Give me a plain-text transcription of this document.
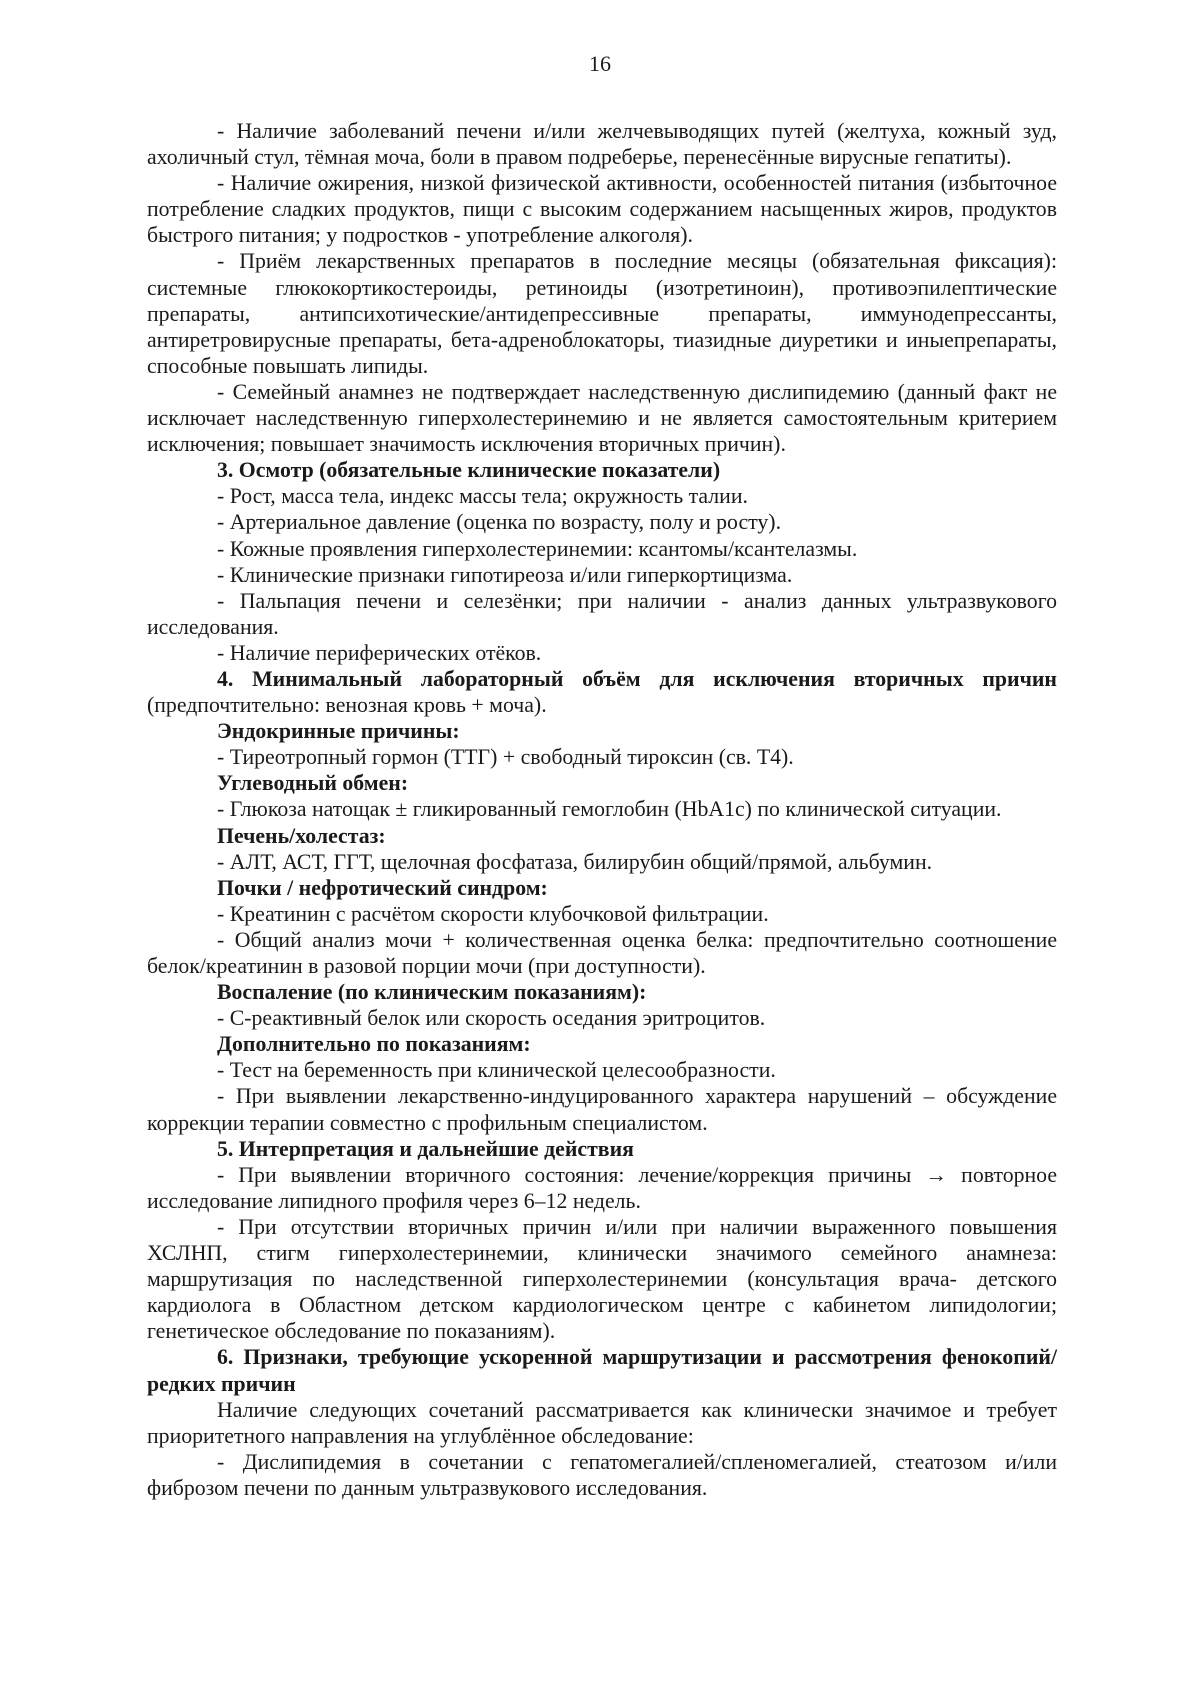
16

- Наличие заболеваний печени и/или желчевыводящих путей (желтуха, кожный зуд, ахоличный стул, тёмная моча, боли в правом подреберье, перенесённые вирусные гепатиты).

- Наличие ожирения, низкой физической активности, особенностей питания (избыточное потребление сладких продуктов, пищи с высоким содержанием насыщенных жиров, продуктов быстрого питания; у подростков - употребление алкоголя).

- Приём лекарственных препаратов в последние месяцы (обязательная фиксация): системные глюкокортикостероиды, ретиноиды (изотретиноин), противоэпилептические препараты, антипсихотические/антидепрессивные препараты, иммунодепрессанты, антиретровирусные препараты, бета-адреноблокаторы, тиазидные диуретики и иныепрепараты, способные повышать липиды.

- Семейный анамнез не подтверждает наследственную дислипидемию (данный факт не исключает наследственную гиперхолестеринемию и не является самостоятельным критерием исключения; повышает значимость исключения вторичных причин).

3. Осмотр (обязательные клинические показатели)

- Рост, масса тела, индекс массы тела; окружность талии.

- Артериальное давление (оценка по возрасту, полу и росту).

- Кожные проявления гиперхолестеринемии: ксантомы/ксантелазмы.

- Клинические признаки гипотиреоза и/или гиперкортицизма.

- Пальпация печени и селезёнки; при наличии - анализ данных ультразвукового исследования.

- Наличие периферических отёков.

4. Минимальный лабораторный объём для исключения вторичных причин (предпочтительно: венозная кровь + моча).

Эндокринные причины:

- Тиреотропный гормон (ТТГ) + свободный тироксин (св. Т4).

Углеводный обмен:

- Глюкоза натощак ± гликированный гемоглобин (HbA1c) по клинической ситуации.

Печень/холестаз:

- АЛТ, АСТ, ГГТ, щелочная фосфатаза, билирубин общий/прямой, альбумин.

Почки / нефротический синдром:

- Креатинин с расчётом скорости клубочковой фильтрации.

- Общий анализ мочи + количественная оценка белка: предпочтительно соотношение белок/креатинин в разовой порции мочи (при доступности).

Воспаление (по клиническим показаниям):

- С-реактивный белок или скорость оседания эритроцитов.

Дополнительно по показаниям:

- Тест на беременность при клинической целесообразности.

- При выявлении лекарственно-индуцированного характера нарушений – обсуждение коррекции терапии совместно с профильным специалистом.

5. Интерпретация и дальнейшие действия

- При выявлении вторичного состояния: лечение/коррекция причины → повторное исследование липидного профиля через 6–12 недель.

- При отсутствии вторичных причин и/или при наличии выраженного повышения ХСЛНП, стигм гиперхолестеринемии, клинически значимого семейного анамнеза: маршрутизация по наследственной гиперхолестеринемии (консультация врача- детского кардиолога в Областном детском кардиологическом центре с кабинетом липидологии; генетическое обследование по показаниям).

6. Признаки, требующие ускоренной маршрутизации и рассмотрения фенокопий/редких причин

Наличие следующих сочетаний рассматривается как клинически значимое и требует приоритетного направления на углублённое обследование:

- Дислипидемия в сочетании с гепатомегалией/спленомегалией, стеатозом и/или фиброзом печени по данным ультразвукового исследования.
